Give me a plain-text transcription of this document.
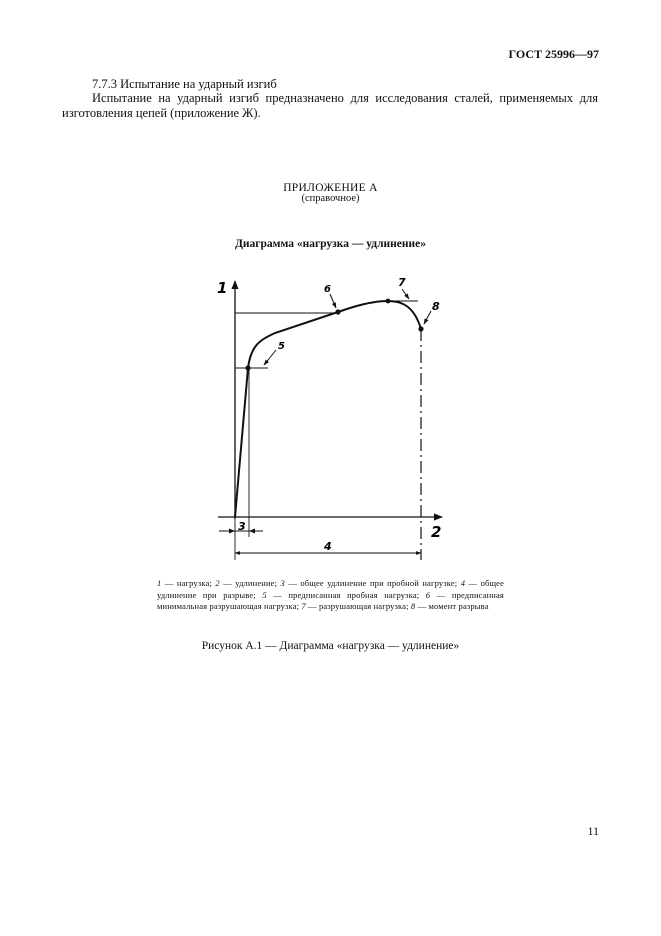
ГОСТ 25996—97
7.7.3 Испытание на ударный изгиб
Испытание на ударный изгиб предназначено для исследования сталей, применяемых для изготовления цепей (приложение Ж).
ПРИЛОЖЕНИЕ А
(справочное)
Диаграмма «нагрузка — удлинение»
1
2
3
4
5
6
7
8
1 — нагрузка; 2 — удлинение; 3 — общее удлинение при пробной нагрузке; 4 — общее удлинение при разрыве; 5 — предписанная пробная нагрузка; 6 — предписанная минимальная разрушающая нагрузка; 7 — разрушающая нагрузка; 8 — момент разрыва
Рисунок А.1 — Диаграмма «нагрузка — удлинение»
11
